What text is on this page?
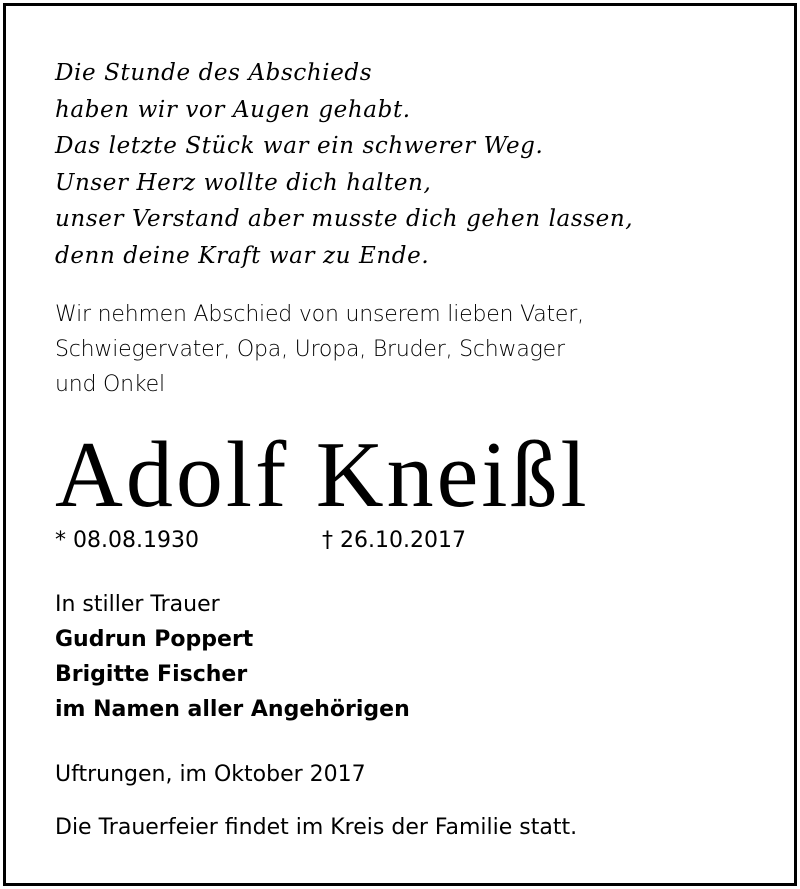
Die Stunde des Abschieds
haben wir vor Augen gehabt.
Das letzte Stück war ein schwerer Weg.
Unser Herz wollte dich halten,
unser Verstand aber musste dich gehen lassen,
denn deine Kraft war zu Ende.
Wir nehmen Abschied von unserem lieben Vater,
Schwiegervater, Opa, Uropa, Bruder, Schwager
und Onkel
Adolf Kneißl
* 08.08.1930	† 26.10.2017
In stiller Trauer
Gudrun Poppert
Brigitte Fischer
im Namen aller Angehörigen
Uftrungen, im Oktober 2017
Die Trauerfeier findet im Kreis der Familie statt.
